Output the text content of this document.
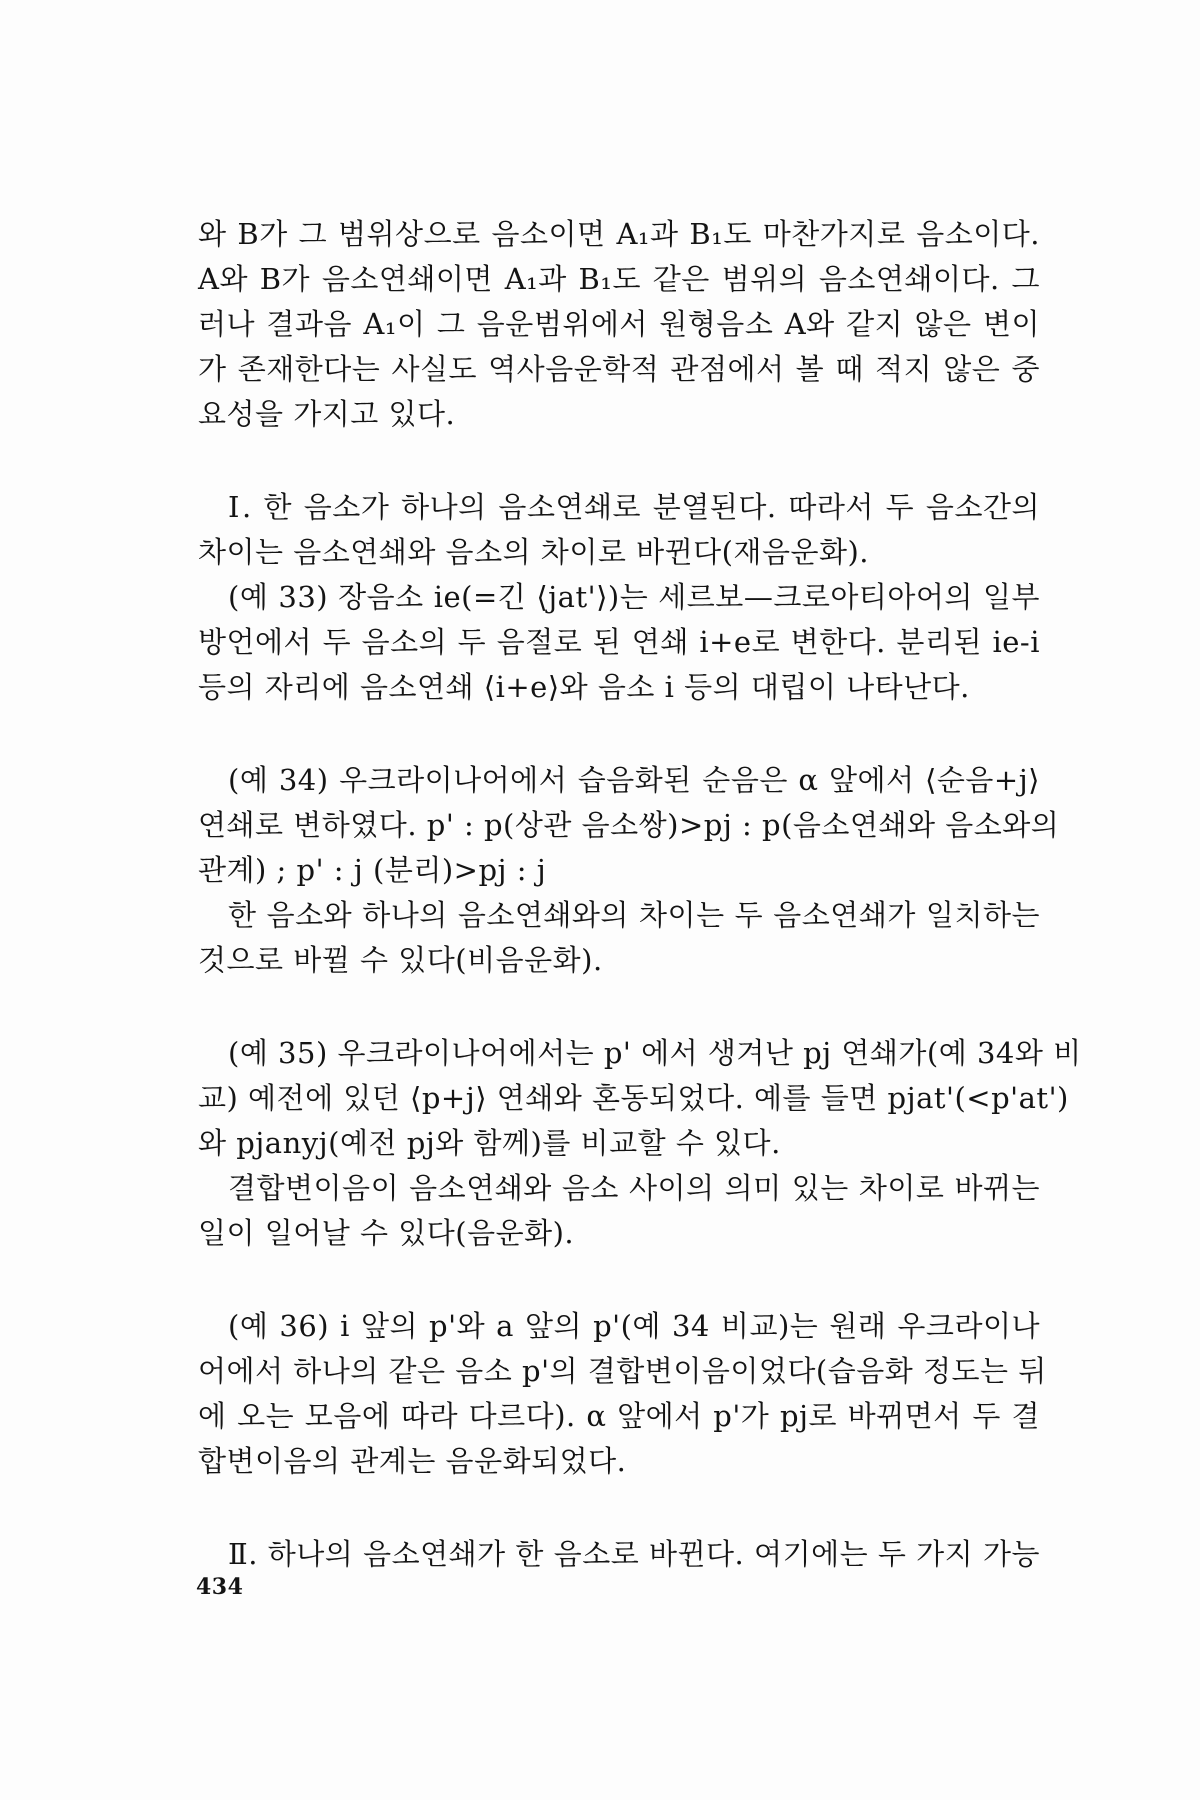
와 B가 그 범위상으로 음소이면 A₁과 B₁도 마찬가지로 음소이다.
A와 B가 음소연쇄이면 A₁과 B₁도 같은 범위의 음소연쇄이다. 그
러나 결과음 A₁이 그 음운범위에서 원형음소 A와 같지 않은 변이
가 존재한다는 사실도 역사음운학적 관점에서 볼 때 적지 않은 중
요성을 가지고 있다.
Ⅰ. 한 음소가 하나의 음소연쇄로 분열된다. 따라서 두 음소간의
차이는 음소연쇄와 음소의 차이로 바뀐다(재음운화).
(예 33) 장음소 ie(=긴 ⟨jat'⟩)는 세르보—크로아티아어의 일부
방언에서 두 음소의 두 음절로 된 연쇄 i+e로 변한다. 분리된 ie-i
등의 자리에 음소연쇄 ⟨i+e⟩와 음소 i 등의 대립이 나타난다.
(예 34) 우크라이나어에서 습음화된 순음은 α 앞에서 ⟨순음+j⟩
연쇄로 변하였다. p' : p(상관 음소쌍)>pj : p(음소연쇄와 음소와의
관계) ; p' : j (분리)>pj : j
한 음소와 하나의 음소연쇄와의 차이는 두 음소연쇄가 일치하는
것으로 바뀔 수 있다(비음운화).
(예 35) 우크라이나어에서는 p' 에서 생겨난 pj 연쇄가(예 34와 비
교) 예전에 있던 ⟨p+j⟩ 연쇄와 혼동되었다. 예를 들면 pjat'(<p'at')
와 pjanyj(예전 pj와 함께)를 비교할 수 있다.
결합변이음이 음소연쇄와 음소 사이의 의미 있는 차이로 바뀌는
일이 일어날 수 있다(음운화).
(예 36) i 앞의 p'와 a 앞의 p'(예 34 비교)는 원래 우크라이나
어에서 하나의 같은 음소 p'의 결합변이음이었다(습음화 정도는 뒤
에 오는 모음에 따라 다르다). α 앞에서 p'가 pj로 바뀌면서 두 결
합변이음의 관계는 음운화되었다.
Ⅱ. 하나의 음소연쇄가 한 음소로 바뀐다. 여기에는 두 가지 가능
434
